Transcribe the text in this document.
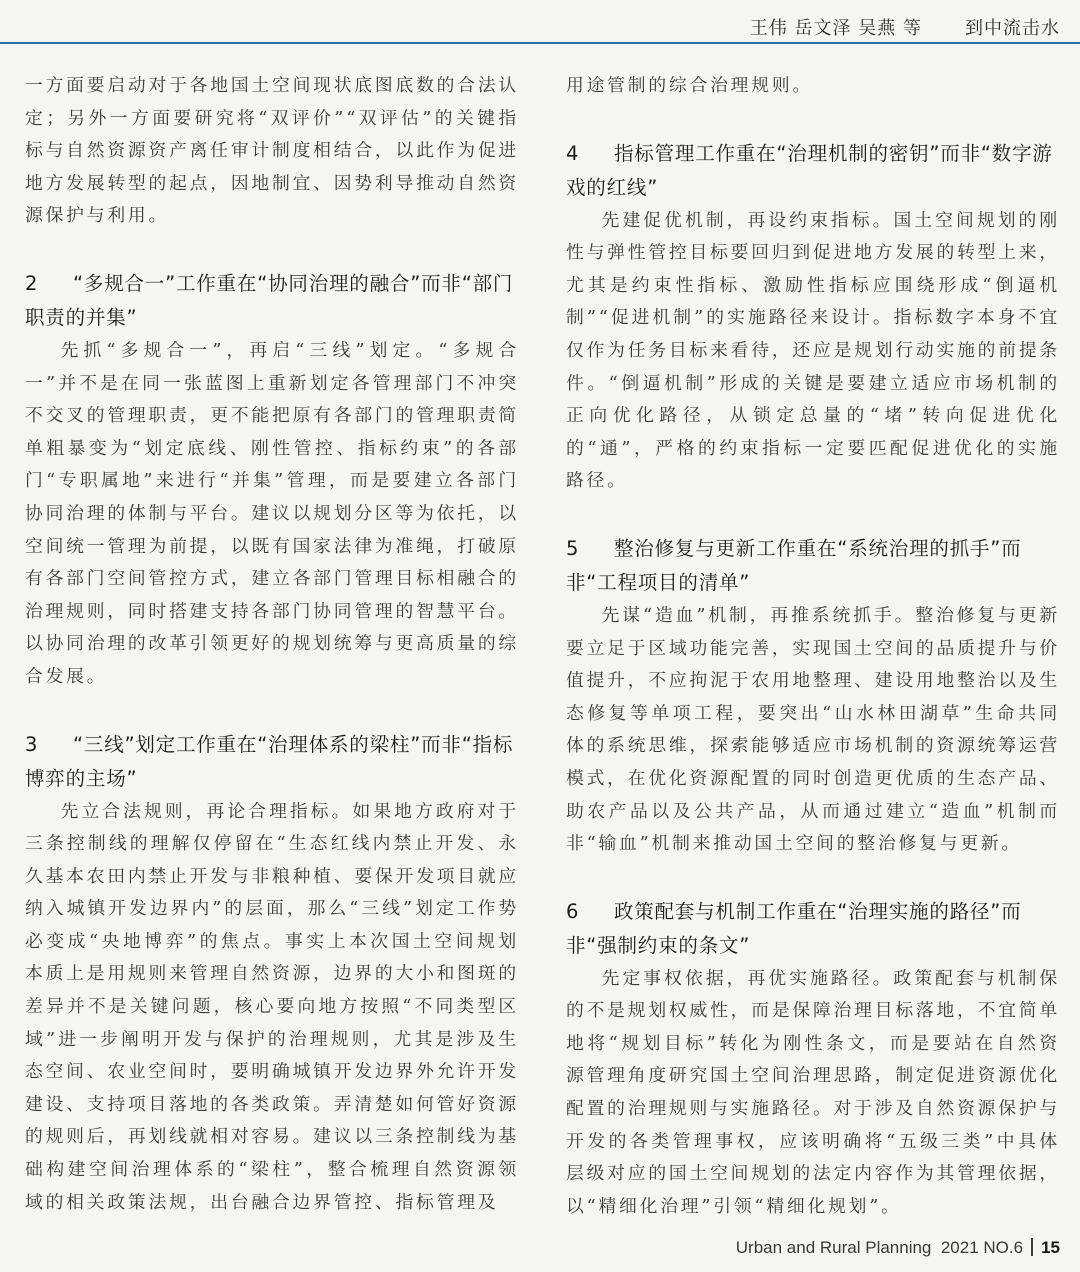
王伟 岳文泽 吴燕 等 到中流击水

一方面要启动对于各地国土空间现状底图底数的合法认定；另外一方面要研究将“双评价”“双评估”的关键指标与自然资源资产离任审计制度相结合，以此作为促进地方发展转型的起点，因地制宜、因势利导推动自然资源保护与利用。

2 “多规合一”工作重在“协同治理的融合”而非“部门职责的并集”

先抓“多规合一”，再启“三线”划定。“多规合一”并不是在同一张蓝图上重新划定各管理部门不冲突不交叉的管理职责，更不能把原有各部门的管理职责简单粗暴变为“划定底线、刚性管控、指标约束”的各部门“专职属地”来进行“并集”管理，而是要建立各部门协同治理的体制与平台。建议以规划分区等为依托，以空间统一管理为前提，以既有国家法律为准绳，打破原有各部门空间管控方式，建立各部门管理目标相融合的治理规则，同时搭建支持各部门协同管理的智慧平台。以协同治理的改革引领更好的规划统筹与更高质量的综合发展。

3 “三线”划定工作重在“治理体系的梁柱”而非“指标博弈的主场”

先立合法规则，再论合理指标。如果地方政府对于三条控制线的理解仅停留在“生态红线内禁止开发、永久基本农田内禁止开发与非粮种植、要保开发项目就应纳入城镇开发边界内”的层面，那么“三线”划定工作势必变成“央地博弈”的焦点。事实上本次国土空间规划本质上是用规则来管理自然资源，边界的大小和图斑的差异并不是关键问题，核心要向地方按照“不同类型区域”进一步阐明开发与保护的治理规则，尤其是涉及生态空间、农业空间时，要明确城镇开发边界外允许开发建设、支持项目落地的各类政策。弄清楚如何管好资源的规则后，再划线就相对容易。建议以三条控制线为基础构建空间治理体系的“梁柱”，整合梳理自然资源领域的相关政策法规，出台融合边界管控、指标管理及

用途管制的综合治理规则。

4 指标管理工作重在“治理机制的密钥”而非“数字游戏的红线”

先建促优机制，再设约束指标。国土空间规划的刚性与弹性管控目标要回归到促进地方发展的转型上来，尤其是约束性指标、激励性指标应围绕形成“倒逼机制”“促进机制”的实施路径来设计。指标数字本身不宜仅作为任务目标来看待，还应是规划行动实施的前提条件。“倒逼机制”形成的关键是要建立适应市场机制的正向优化路径，从锁定总量的“堵”转向促进优化的“通”，严格的约束指标一定要匹配促进优化的实施路径。

5 整治修复与更新工作重在“系统治理的抓手”而非“工程项目的清单”

先谋“造血”机制，再推系统抓手。整治修复与更新要立足于区域功能完善，实现国土空间的品质提升与价值提升，不应拘泥于农用地整理、建设用地整治以及生态修复等单项工程，要突出“山水林田湖草”生命共同体的系统思维，探索能够适应市场机制的资源统筹运营模式，在优化资源配置的同时创造更优质的生态产品、助农产品以及公共产品，从而通过建立“造血”机制而非“输血”机制来推动国土空间的整治修复与更新。

6 政策配套与机制工作重在“治理实施的路径”而非“强制约束的条文”

先定事权依据，再优实施路径。政策配套与机制保的不是规划权威性，而是保障治理目标落地，不宜简单地将“规划目标”转化为刚性条文，而是要站在自然资源管理角度研究国土空间治理思路，制定促进资源优化配置的治理规则与实施路径。对于涉及自然资源保护与开发的各类管理事权，应该明确将“五级三类”中具体层级对应的国土空间规划的法定内容作为其管理依据，以“精细化治理”引领“精细化规划”。

Urban and Rural Planning 2021 NO.6 15
